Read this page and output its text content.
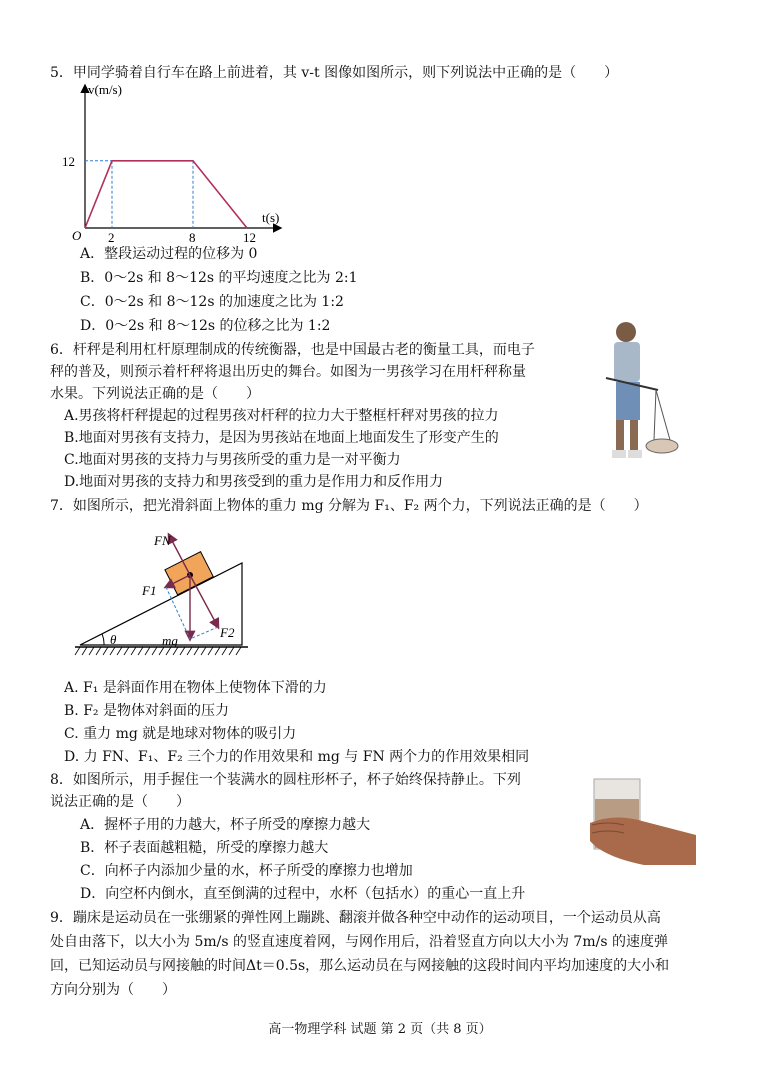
5．甲同学骑着自行车在路上前进着，其 v-t 图像如图所示，则下列说法中正确的是（　　）
2	8	12
12
v(m/s)
t(s)
O
A．整段运动过程的位移为 0
B．0～2s 和 8～12s 的平均速度之比为 2:1
C．0～2s 和 8～12s 的加速度之比为 1:2
D．0～2s 和 8～12s 的位移之比为 1:2
6．杆秤是利用杠杆原理制成的传统衡器，也是中国最古老的衡量工具，而电子
秤的普及，则预示着杆秤将退出历史的舞台。如图为一男孩学习在用杆秤称量
水果。下列说法正确的是（　　）
A.男孩将杆秤提起的过程男孩对杆秤的拉力大于整框杆秤对男孩的拉力
B.地面对男孩有支持力，是因为男孩站在地面上地面发生了形变产生的
C.地面对男孩的支持力与男孩所受的重力是一对平衡力
D.地面对男孩的支持力和男孩受到的重力是作用力和反作用力
7．如图所示，把光滑斜面上物体的重力 mg 分解为 F₁、F₂ 两个力，下列说法正确的是（　　）
FN
F1
F2
mg
θ
A. F₁ 是斜面作用在物体上使物体下滑的力
B. F₂ 是物体对斜面的压力
C. 重力 mg 就是地球对物体的吸引力
D. 力 FN、F₁、F₂ 三个力的作用效果和 mg 与 FN 两个力的作用效果相同
8．如图所示，用手握住一个装满水的圆柱形杯子，杯子始终保持静止。下列
说法正确的是（　　）
A．握杯子用的力越大，杯子所受的摩擦力越大
B．杯子表面越粗糙，所受的摩擦力越大
C．向杯子内添加少量的水，杯子所受的摩擦力也增加
D．向空杯内倒水，直至倒满的过程中，水杯（包括水）的重心一直上升
9．蹦床是运动员在一张绷紧的弹性网上蹦跳、翻滚并做各种空中动作的运动项目，一个运动员从高
处自由落下，以大小为 5m/s 的竖直速度着网，与网作用后，沿着竖直方向以大小为 7m/s 的速度弹
回，已知运动员与网接触的时间Δt＝0.5s，那么运动员在与网接触的这段时间内平均加速度的大小和
方向分别为（　　）
高一物理学科 试题 第 2 页（共 8 页）
